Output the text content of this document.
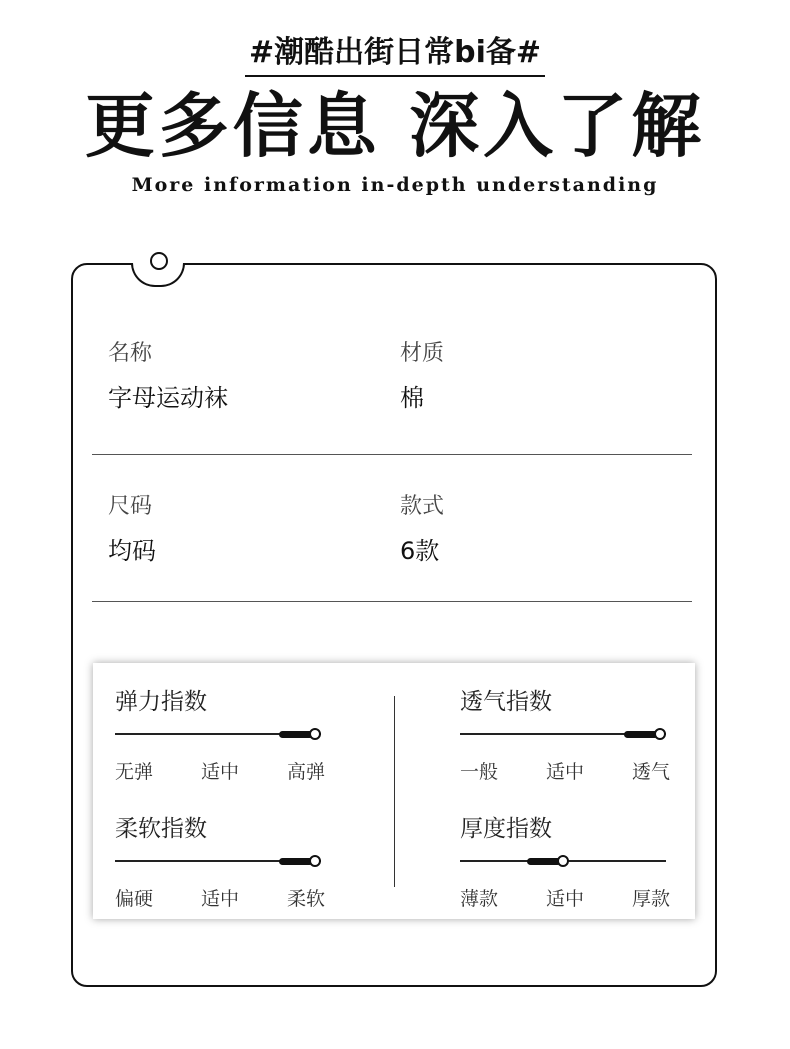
#潮酷出街日常bi备#
更多信息 深入了解
More information in-depth understanding
名称
字母运动袜
材质
棉
尺码
均码
款式
6款
弹力指数
无弹	适中	高弹
透气指数
一般	适中	透气
柔软指数
偏硬	适中	柔软
厚度指数
薄款	适中	厚款
